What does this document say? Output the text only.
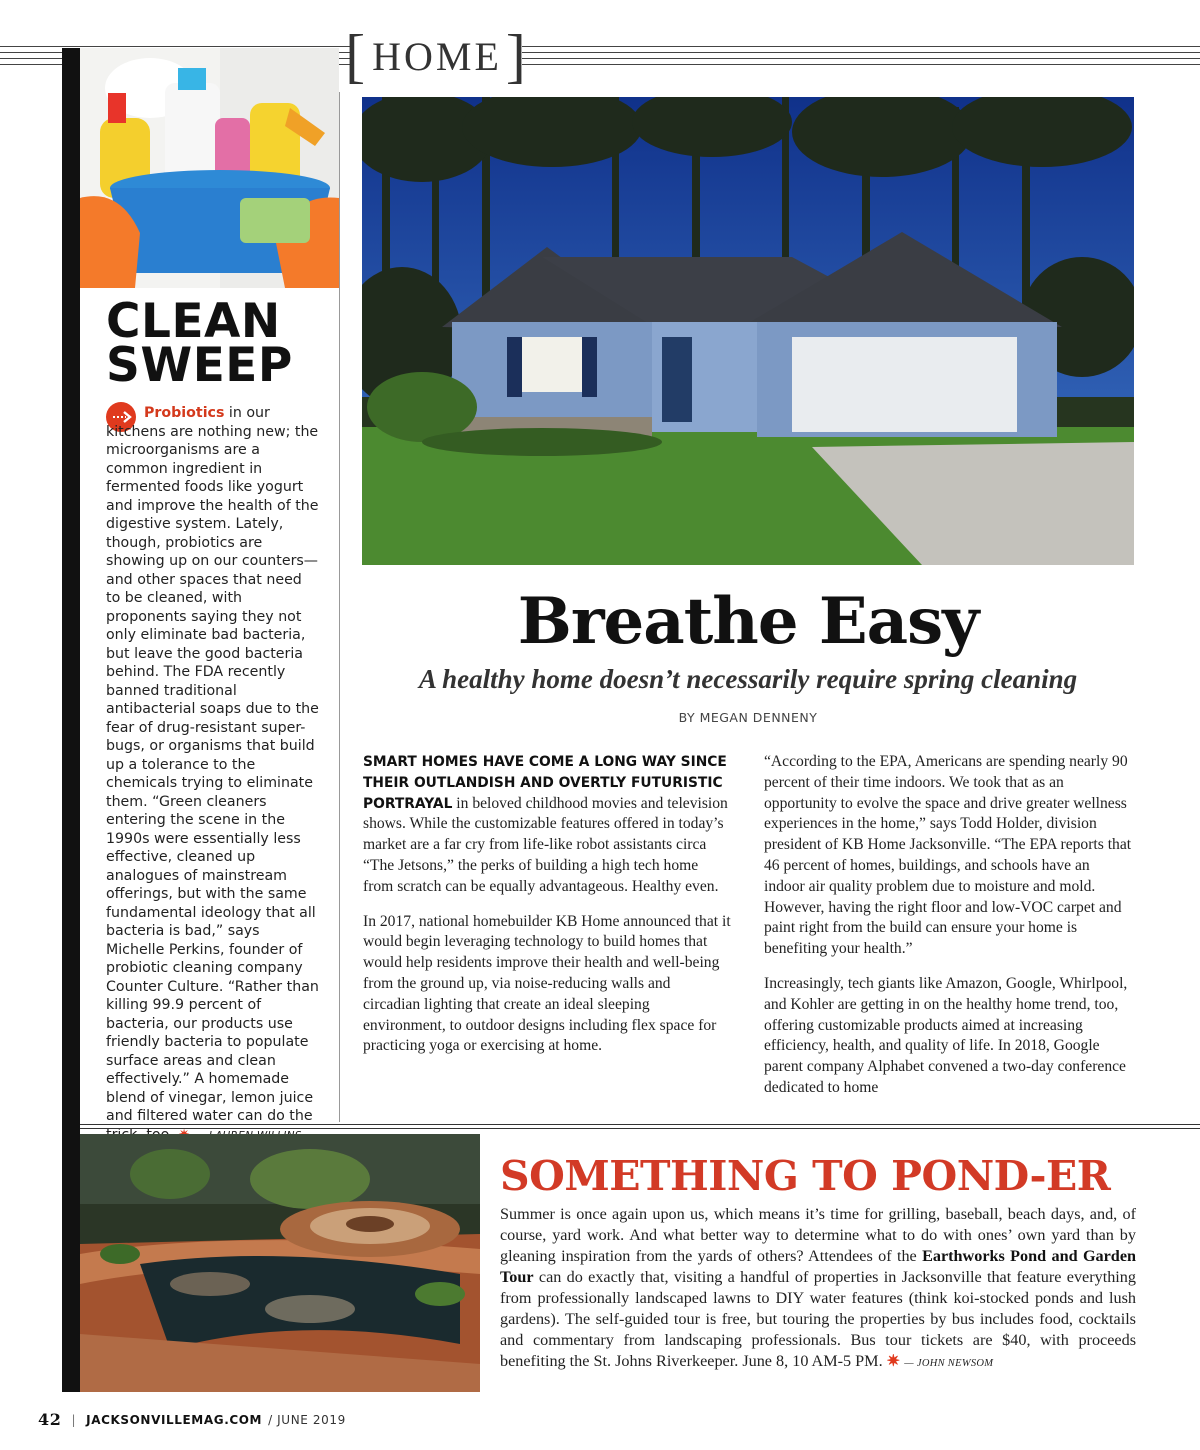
[ HOME ]
CLEAN
SWEEP

Probiotics in our kitchens are nothing new; the microorganisms are a common ingredient in fermented foods like yogurt and improve the health of the digestive system. Lately, though, probiotics are showing up on our counters—and other spaces that need to be cleaned, with proponents saying they not only eliminate bad bacteria, but leave the good bacteria behind. The FDA recently banned traditional antibacterial soaps due to the fear of drug-resistant super-bugs, or organisms that build up a tolerance to the chemicals trying to eliminate them. “Green cleaners entering the scene in the 1990s were essentially less effective, cleaned up analogues of mainstream offerings, but with the same fundamental ideology that all bacteria is bad,” says Michelle Perkins, founder of probiotic cleaning company Counter Culture. “Rather than killing 99.9 percent of bacteria, our products use friendly bacteria to populate surface areas and clean effectively.” A homemade blend of vinegar, lemon juice and filtered water can do the

Breathe Easy
A healthy home doesn’t necessarily require spring cleaning
BY MEGAN DENNENY

SMART HOMES HAVE COME A LONG WAY SINCE THEIR OUTLANDISH AND OVERTLY FUTURISTIC PORTRAYAL in beloved childhood movies and television shows. While the customizable features offered in today’s market are a far cry from life-like robot assistants circa “The Jetsons,” the perks of building a high tech home from scratch can be equally advantageous. Healthy even.

In 2017, national homebuilder KB Home announced that it would begin leveraging technology to build homes that would help residents improve their health and well-being from the ground up, via noise-reducing walls and circadian lighting that create an ideal sleeping environment, to outdoor designs including flex space for practicing yoga or exercising at home.

“According to the EPA, Americans are spending nearly 90 percent of their time indoors. We took that as an opportunity to evolve the space and drive greater wellness experiences in the home,” says Todd Holder, division president of KB Home Jacksonville. “The EPA reports that 46 percent of homes, buildings, and schools have an indoor air quality problem due to moisture and mold. However, having the right floor and low-VOC carpet and paint right from the build can ensure your home is benefiting your health.”

Increasingly, tech giants like Amazon, Google, Whirlpool, and Kohler are getting in on the healthy home trend, too, offering customizable products aimed at increasing efficiency, health, and quality of life. In 2018, Google parent company Alphabet convened a two-day conference dedicated to home

SOMETHING TO POND-ER

Summer is once again upon us, which means it’s time for grilling, baseball, beach days, and, of course, yard work. And what better way to determine what to do with ones’ own yard than by gleaning inspiration from the yards of others? Attendees of the Earthworks Pond and Garden Tour can do exactly that, visiting a handful of properties in Jacksonville that feature everything from professionally landscaped lawns to DIY water features (think koi-stocked ponds and lush gardens). The self-guided tour is free, but touring the properties by bus includes food, cocktails and commentary from landscaping professionals. Bus tour tickets are $40, with proceeds benefiting the St. Johns Riverkeeper. June 8, 10 AM-5 PM. ✷ — JOHN NEWSOM

42 | JACKSONVILLEMAG.COM / JUNE 2019
